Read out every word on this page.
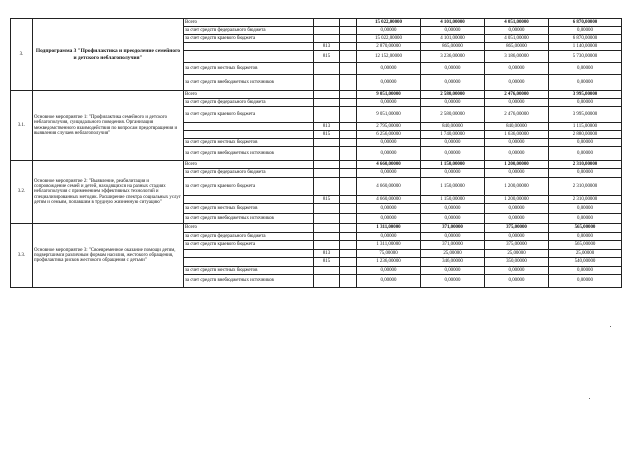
3.	Подпрограмма 3 "Профилактика и преодоление семейного и детского неблагополучия"	Всего			15 022,00000	4 101,00000	4 051,00000	6 870,00000
		за счет средств федерального бюджета			0,00000	0,00000	0,00000	0,00000
		за счет средств краевого бюджета			15 022,00000	4 101,00000	4 051,00000	6 870,00000
			813		2 870,00000	865,00000	865,00000	1 140,00000
			815		12 152,00000	3 236,00000	3 186,00000	5 730,00000
		за счет средств местных бюджетов			0,00000	0,00000	0,00000	0,00000
		за счет средств внебюджетных источников			0,00000	0,00000	0,00000	0,00000
3.1.	Основное мероприятие 1: "Профилактика семейного и детского неблагополучия, суицидального поведения. Организация межведомственного взаимодействия по вопросам предотвращения и выявления случаев неблагополучия"	Всего			9 051,00000	2 580,00000	2 476,00000	3 995,00000
		за счет средств федерального бюджета			0,00000	0,00000	0,00000	0,00000
		за счет средств краевого бюджета			9 051,00000	2 580,00000	2 476,00000	3 995,00000
			813		2 795,00000	840,00000	840,00000	1 115,00000
			815		6 256,00000	1 740,00000	1 636,00000	2 880,00000
		за счет средств местных бюджетов			0,00000	0,00000	0,00000	0,00000
		за счет средств внебюджетных источников			0,00000	0,00000	0,00000	0,00000
3.2.	Основное мероприятие 2: "Выявление, реабилитация и сопровождение семей и детей, находящихся на разных стадиях неблагополучия с применением эффективных технологий и специализированных методик. Расширение спектра социальных услуг детям и семьям, попавшим в трудную жизненную ситуацию"	Всего			4 660,00000	1 150,00000	1 200,00000	2 310,00000
		за счет средств федерального бюджета			0,00000	0,00000	0,00000	0,00000
		за счет средств краевого бюджета			4 660,00000	1 150,00000	1 200,00000	2 310,00000
			815		4 660,00000	1 150,00000	1 200,00000	2 310,00000
		за счет средств местных бюджетов			0,00000	0,00000	0,00000	0,00000
		за счет средств внебюджетных источников			0,00000	0,00000	0,00000	0,00000
3.3.	Основное мероприятие 3: "Своевременное оказание помощи детям, подвергшимся различным формам насилия, жестокого обращения, профилактика рисков жестокого обращения с детьми"	Всего			1 311,00000	371,00000	375,00000	565,00000
		за счет средств федерального бюджета			0,00000	0,00000	0,00000	0,00000
		за счет средств краевого бюджета			1 311,00000	371,00000	375,00000	565,00000
			813		75,00000	25,00000	25,00000	25,00000
			815		1 236,00000	346,00000	350,00000	540,00000
		за счет средств местных бюджетов			0,00000	0,00000	0,00000	0,00000
		за счет средств внебюджетных источников			0,00000	0,00000	0,00000	0,00000
